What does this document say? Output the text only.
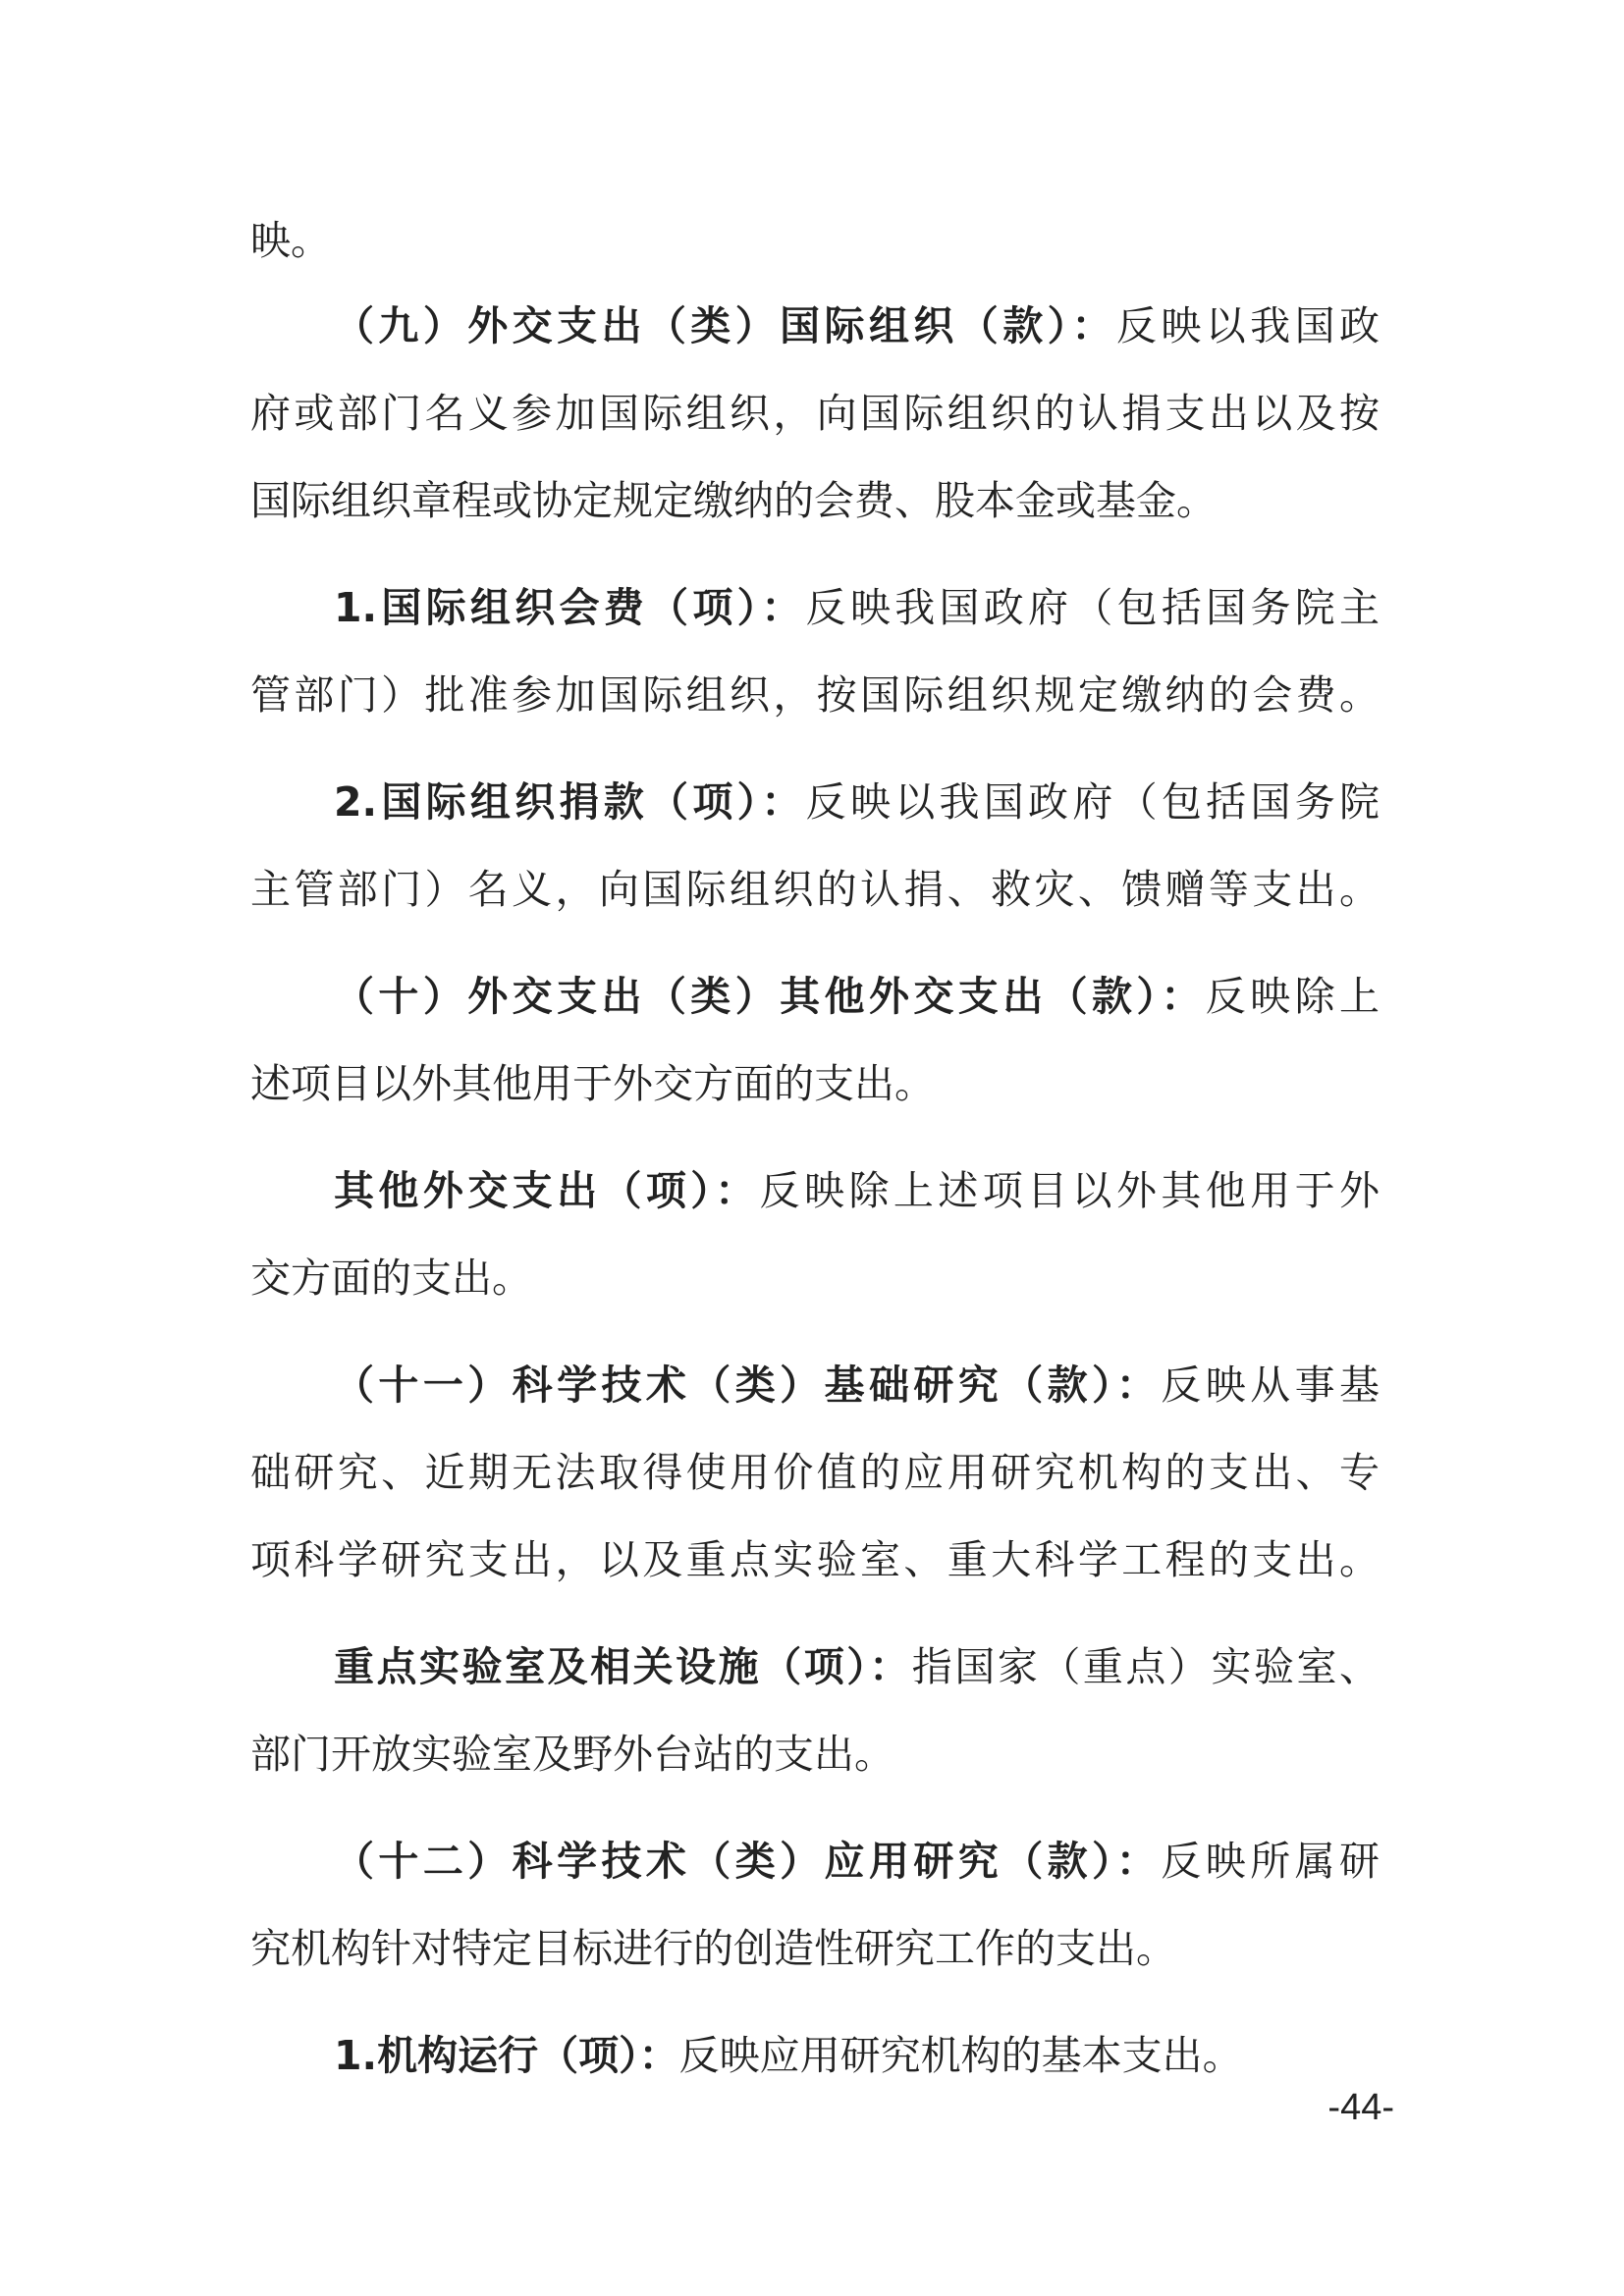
映。
（九）外交支出（类）国际组织（款）：反映以我国政
府或部门名义参加国际组织，向国际组织的认捐支出以及按
国际组织章程或协定规定缴纳的会费、股本金或基金。
1.国际组织会费（项）：反映我国政府（包括国务院主
管部门）批准参加国际组织，按国际组织规定缴纳的会费。
2.国际组织捐款（项）：反映以我国政府（包括国务院
主管部门）名义，向国际组织的认捐、救灾、馈赠等支出。
（十）外交支出（类）其他外交支出（款）：反映除上
述项目以外其他用于外交方面的支出。
其他外交支出（项）：反映除上述项目以外其他用于外
交方面的支出。
（十一）科学技术（类）基础研究（款）：反映从事基
础研究、近期无法取得使用价值的应用研究机构的支出、专
项科学研究支出，以及重点实验室、重大科学工程的支出。
重点实验室及相关设施（项）：指国家（重点）实验室、
部门开放实验室及野外台站的支出。
（十二）科学技术（类）应用研究（款）：反映所属研
究机构针对特定目标进行的创造性研究工作的支出。
1.机构运行（项）：反映应用研究机构的基本支出。
-44-
